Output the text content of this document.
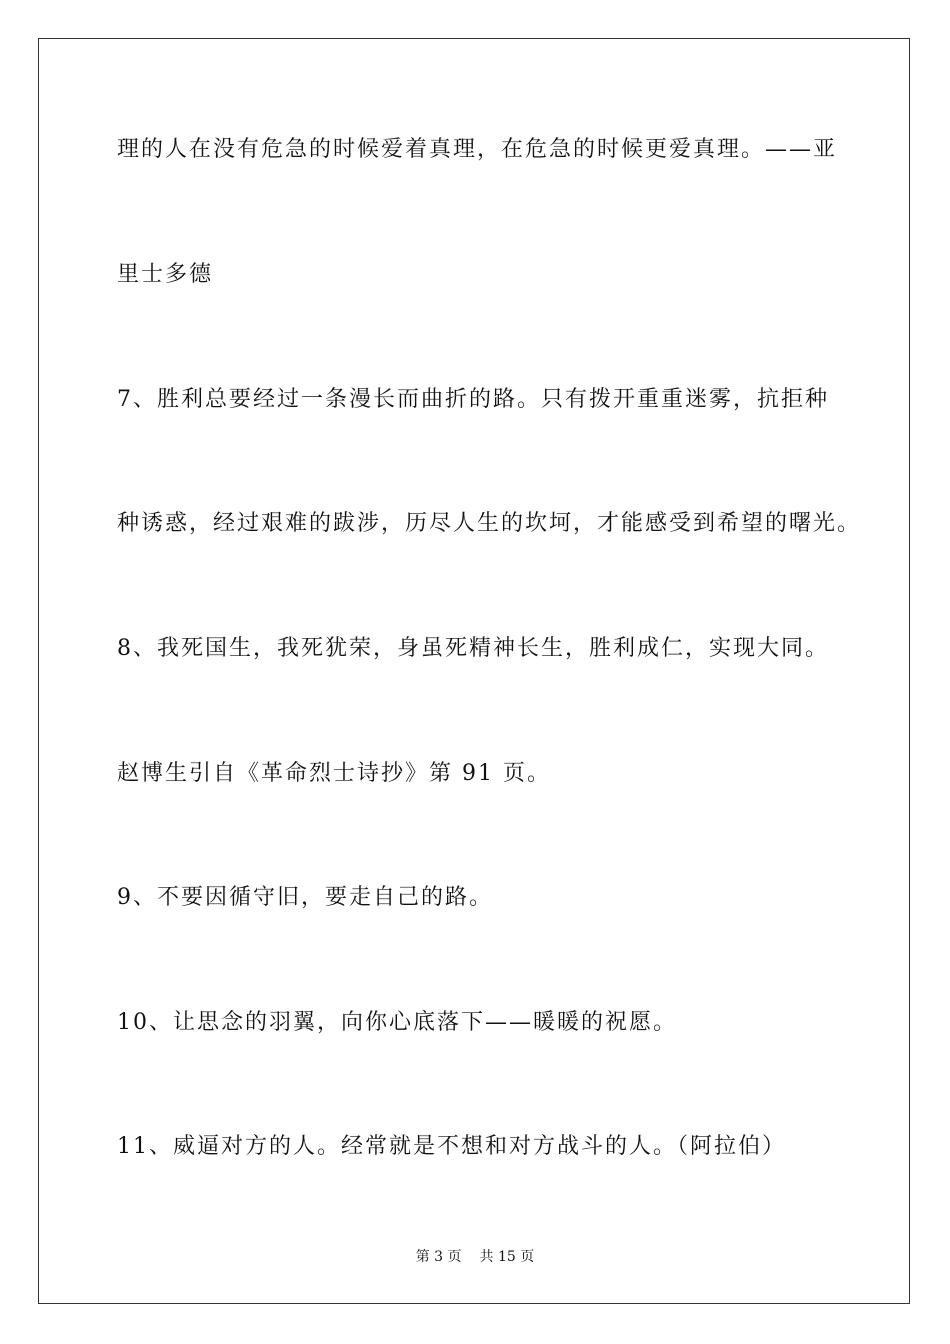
理的人在没有危急的时候爱着真理，在危急的时候更爱真理。——亚
里士多德
7、胜利总要经过一条漫长而曲折的路。只有拨开重重迷雾，抗拒种
种诱惑，经过艰难的跋涉，历尽人生的坎坷，才能感受到希望的曙光。
8、我死国生，我死犹荣，身虽死精神长生，胜利成仁，实现大同。
赵博生引自《革命烈士诗抄》第 91 页。
9、不要因循守旧，要走自己的路。
10、让思念的羽翼，向你心底落下——暖暖的祝愿。
11、威逼对方的人。经常就是不想和对方战斗的人。（阿拉伯）
第 3 页 共 15 页
